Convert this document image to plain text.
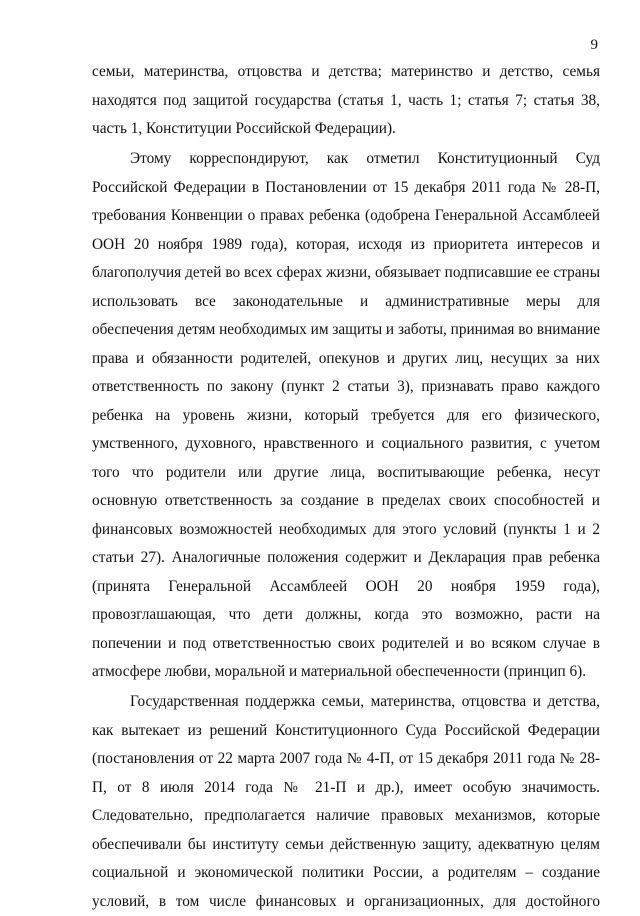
9
семьи, материнства, отцовства и детства; материнство и детство, семья
находятся под защитой государства (статья 1, часть 1; статья 7; статья 38,
часть 1, Конституции Российской Федерации).
Этому корреспондируют, как отметил Конституционный Суд
Российской Федерации в Постановлении от 15 декабря 2011 года № 28-П,
требования Конвенции о правах ребенка (одобрена Генеральной Ассамблеей
ООН 20 ноября 1989 года), которая, исходя из приоритета интересов и
благополучия детей во всех сферах жизни, обязывает подписавшие ее страны
использовать все законодательные и административные меры для
обеспечения детям необходимых им защиты и заботы, принимая во внимание
права и обязанности родителей, опекунов и других лиц, несущих за них
ответственность по закону (пункт 2 статьи 3), признавать право каждого
ребенка на уровень жизни, который требуется для его физического,
умственного, духовного, нравственного и социального развития, с учетом
того что родители или другие лица, воспитывающие ребенка, несут
основную ответственность за создание в пределах своих способностей и
финансовых возможностей необходимых для этого условий (пункты 1 и 2
статьи 27). Аналогичные положения содержит и Декларация прав ребенка
(принята Генеральной Ассамблеей ООН 20 ноября 1959 года),
провозглашающая, что дети должны, когда это возможно, расти на
попечении и под ответственностью своих родителей и во всяком случае в
атмосфере любви, моральной и материальной обеспеченности (принцип 6).
Государственная поддержка семьи, материнства, отцовства и детства,
как вытекает из решений Конституционного Суда Российской Федерации
(постановления от 22 марта 2007 года № 4-П, от 15 декабря 2011 года № 28-
П, от 8 июля 2014 года № 21-П и др.), имеет особую значимость.
Следовательно, предполагается наличие правовых механизмов, которые
обеспечивали бы институту семьи действенную защиту, адекватную целям
социальной и экономической политики России, а родителям – создание
условий, в том числе финансовых и организационных, для достойного
